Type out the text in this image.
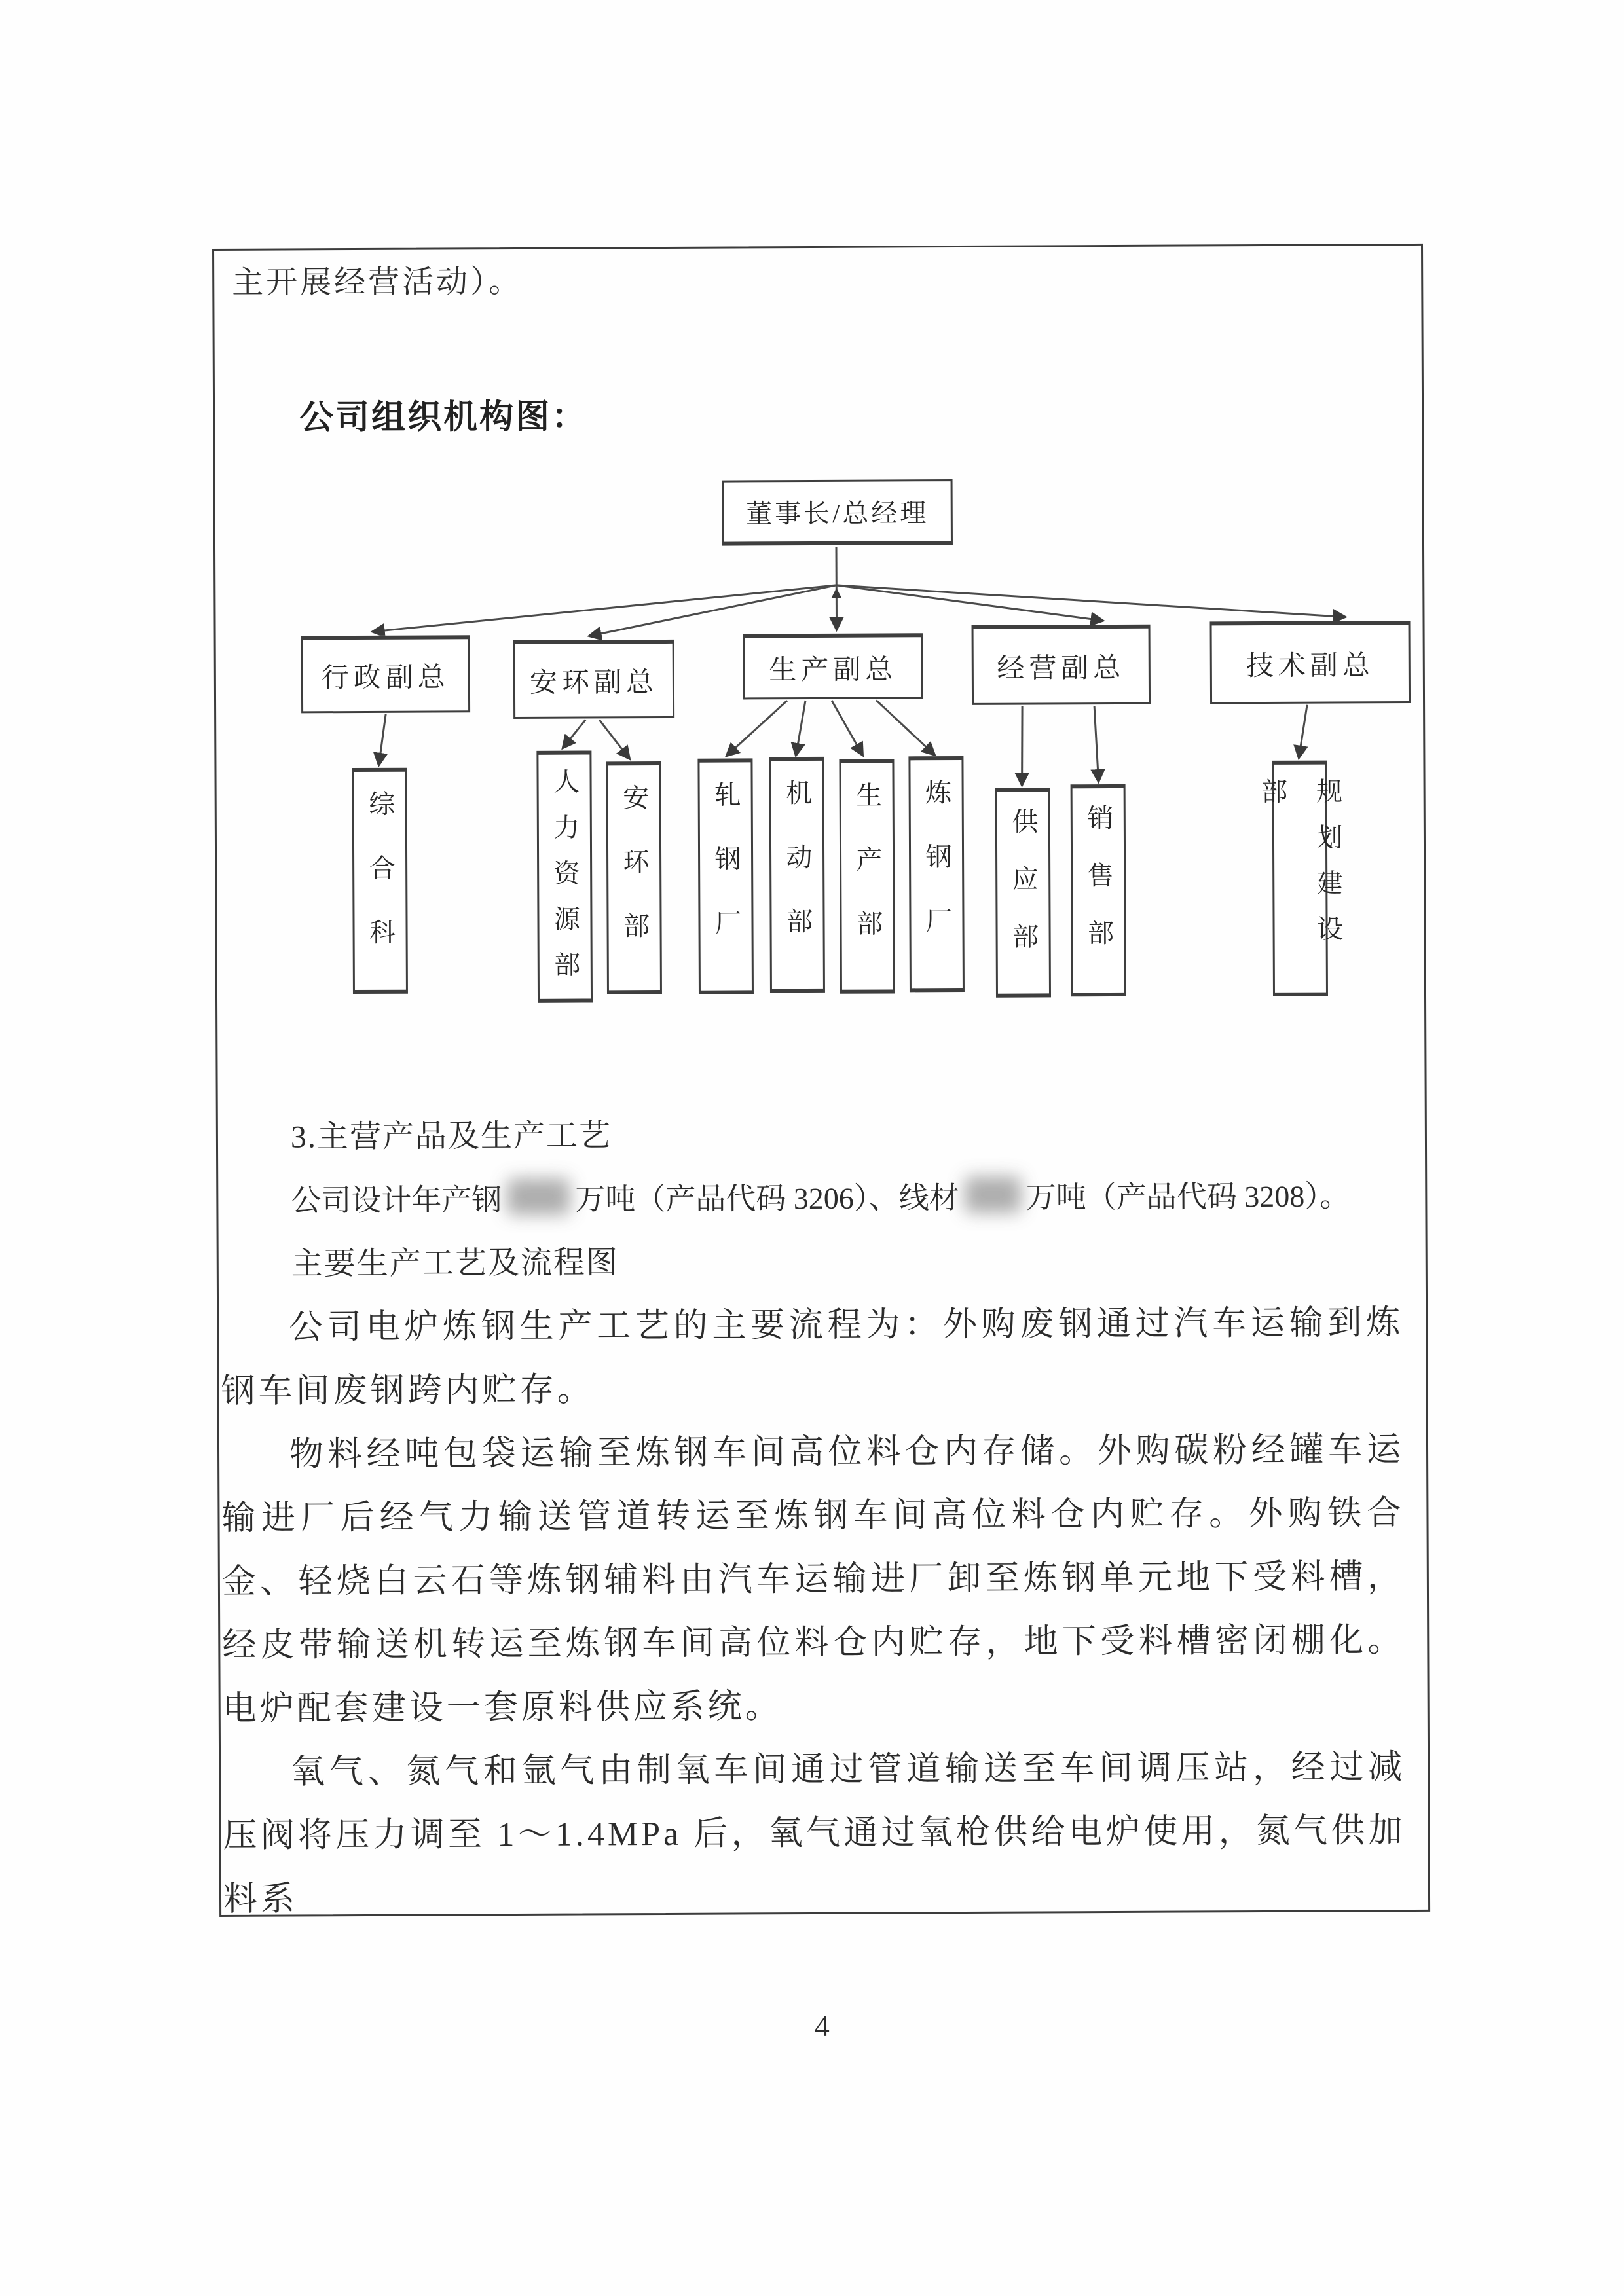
主开展经营活动）。
公司组织机构图：
董事长/总经理
行政副总	安环副总	生产副总	经营副总	技术副总
综合科	人力资源部	安环部	轧钢厂	机动部	生产部	炼钢厂	供应部	销售部	规划建设部
3.主营产品及生产工艺
公司设计年产钢 万吨（产品代码 3206）、线材 万吨（产品代码 3208）。
主要生产工艺及流程图

公司电炉炼钢生产工艺的主要流程为：外购废钢通过汽车运输到炼钢车间废钢跨内贮存。

物料经吨包袋运输至炼钢车间高位料仓内存储。外购碳粉经罐车运输进厂后经气力输送管道转运至炼钢车间高位料仓内贮存。外购铁合金、轻烧白云石等炼钢辅料由汽车运输进厂卸至炼钢单元地下受料槽，经皮带输送机转运至炼钢车间高位料仓内贮存，地下受料槽密闭棚化。电炉配套建设一套原料供应系统。

氧气、氮气和氩气由制氧车间通过管道输送至车间调压站，经过减压阀将压力调至 1～1.4MPa 后，氧气通过氧枪供给电炉使用，氮气供加料系

4
